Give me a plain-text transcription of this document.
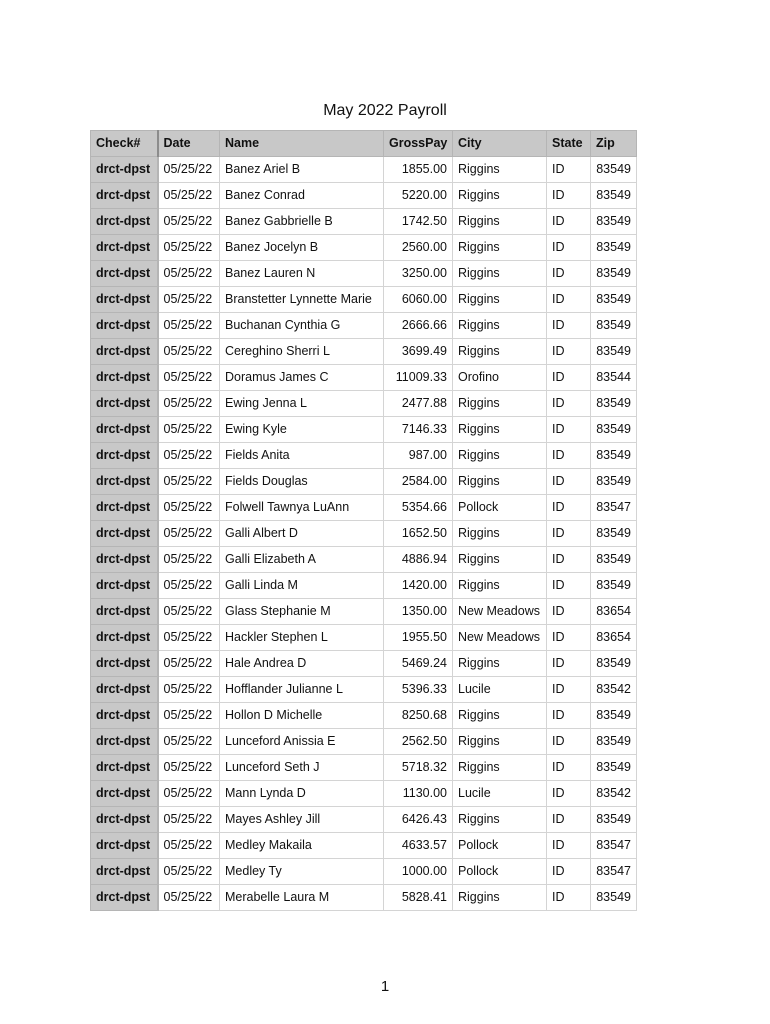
May 2022 Payroll
Check#	Date	Name	GrossPay	City	State	Zip
drct-dpst	05/25/22	Banez Ariel B	1855.00	Riggins	ID	83549
drct-dpst	05/25/22	Banez Conrad	5220.00	Riggins	ID	83549
drct-dpst	05/25/22	Banez Gabbrielle B	1742.50	Riggins	ID	83549
drct-dpst	05/25/22	Banez Jocelyn B	2560.00	Riggins	ID	83549
drct-dpst	05/25/22	Banez Lauren N	3250.00	Riggins	ID	83549
drct-dpst	05/25/22	Branstetter Lynnette Marie	6060.00	Riggins	ID	83549
drct-dpst	05/25/22	Buchanan Cynthia G	2666.66	Riggins	ID	83549
drct-dpst	05/25/22	Cereghino Sherri L	3699.49	Riggins	ID	83549
drct-dpst	05/25/22	Doramus James C	11009.33	Orofino	ID	83544
drct-dpst	05/25/22	Ewing Jenna L	2477.88	Riggins	ID	83549
drct-dpst	05/25/22	Ewing Kyle	7146.33	Riggins	ID	83549
drct-dpst	05/25/22	Fields Anita	987.00	Riggins	ID	83549
drct-dpst	05/25/22	Fields Douglas	2584.00	Riggins	ID	83549
drct-dpst	05/25/22	Folwell Tawnya LuAnn	5354.66	Pollock	ID	83547
drct-dpst	05/25/22	Galli Albert D	1652.50	Riggins	ID	83549
drct-dpst	05/25/22	Galli Elizabeth A	4886.94	Riggins	ID	83549
drct-dpst	05/25/22	Galli Linda M	1420.00	Riggins	ID	83549
drct-dpst	05/25/22	Glass Stephanie M	1350.00	New Meadows	ID	83654
drct-dpst	05/25/22	Hackler Stephen L	1955.50	New Meadows	ID	83654
drct-dpst	05/25/22	Hale Andrea D	5469.24	Riggins	ID	83549
drct-dpst	05/25/22	Hofflander Julianne L	5396.33	Lucile	ID	83542
drct-dpst	05/25/22	Hollon D Michelle	8250.68	Riggins	ID	83549
drct-dpst	05/25/22	Lunceford Anissia E	2562.50	Riggins	ID	83549
drct-dpst	05/25/22	Lunceford Seth J	5718.32	Riggins	ID	83549
drct-dpst	05/25/22	Mann Lynda D	1130.00	Lucile	ID	83542
drct-dpst	05/25/22	Mayes Ashley Jill	6426.43	Riggins	ID	83549
drct-dpst	05/25/22	Medley Makaila	4633.57	Pollock	ID	83547
drct-dpst	05/25/22	Medley Ty	1000.00	Pollock	ID	83547
drct-dpst	05/25/22	Merabelle Laura M	5828.41	Riggins	ID	83549
1
